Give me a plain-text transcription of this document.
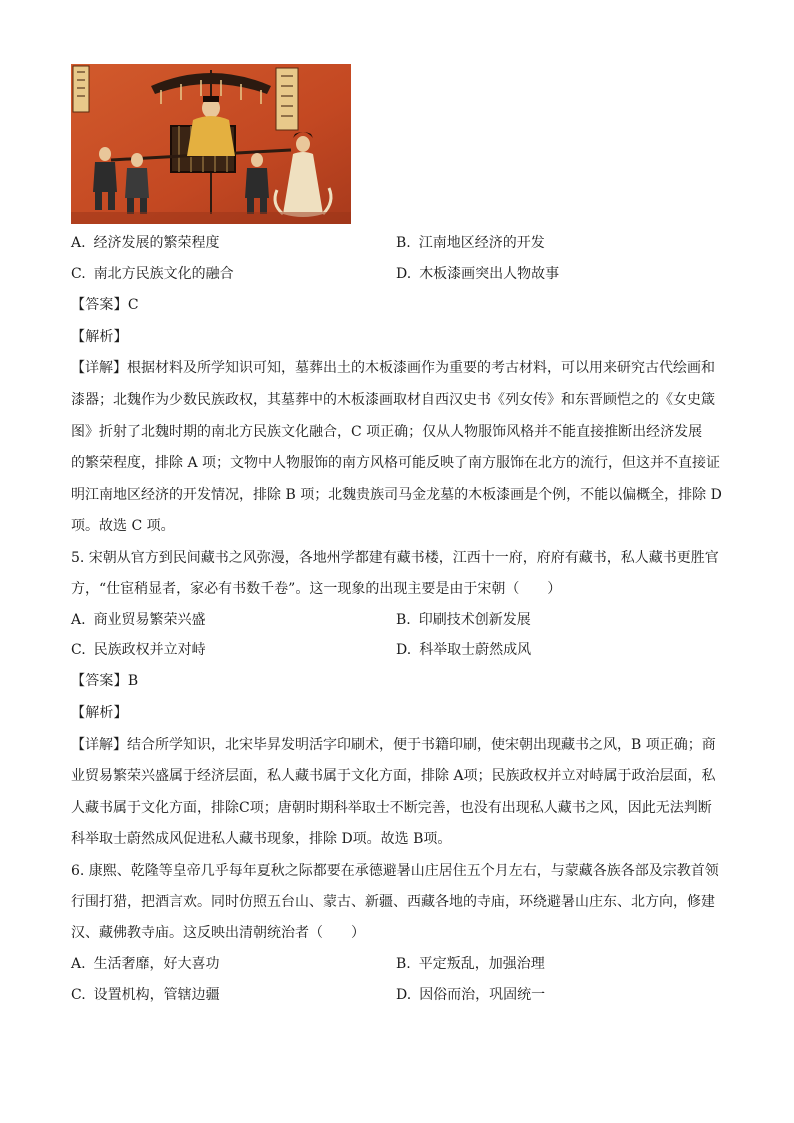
A. 经济发展的繁荣程度	B. 江南地区经济的开发
C. 南北方民族文化的融合	D. 木板漆画突出人物故事
【答案】C
【解析】
【详解】根据材料及所学知识可知，墓葬出土的木板漆画作为重要的考古材料，可以用来研究古代绘画和
漆器；北魏作为少数民族政权，其墓葬中的木板漆画取材自西汉史书《列女传》和东晋顾恺之的《女史箴
图》折射了北魏时期的南北方民族文化融合，C 项正确；仅从人物服饰风格并不能直接推断出经济发展
的繁荣程度，排除 A 项；文物中人物服饰的南方风格可能反映了南方服饰在北方的流行，但这并不直接证
明江南地区经济的开发情况，排除 B 项；北魏贵族司马金龙墓的木板漆画是个例，不能以偏概全，排除 D
项。故选 C 项。
5. 宋朝从官方到民间藏书之风弥漫，各地州学都建有藏书楼，江西十一府，府府有藏书，私人藏书更胜官
方，“仕宦稍显者，家必有书数千卷”。这一现象的出现主要是由于宋朝（　　）
A. 商业贸易繁荣兴盛	B. 印刷技术创新发展
C. 民族政权并立对峙	D. 科举取士蔚然成风
【答案】B
【解析】
【详解】结合所学知识，北宋毕昇发明活字印刷术，便于书籍印刷，使宋朝出现藏书之风，B 项正确；商
业贸易繁荣兴盛属于经济层面，私人藏书属于文化方面，排除 A项；民族政权并立对峙属于政治层面，私
人藏书属于文化方面，排除C项；唐朝时期科举取士不断完善，也没有出现私人藏书之风，因此无法判断
科举取士蔚然成风促进私人藏书现象，排除 D项。故选 B项。
6. 康熙、乾隆等皇帝几乎每年夏秋之际都要在承德避暑山庄居住五个月左右，与蒙藏各族各部及宗教首领
行围打猎，把酒言欢。同时仿照五台山、蒙古、新疆、西藏各地的寺庙，环绕避暑山庄东、北方向，修建
汉、藏佛教寺庙。这反映出清朝统治者（　　）
A. 生活奢靡，好大喜功	B. 平定叛乱，加强治理
C. 设置机构，管辖边疆	D. 因俗而治，巩固统一
